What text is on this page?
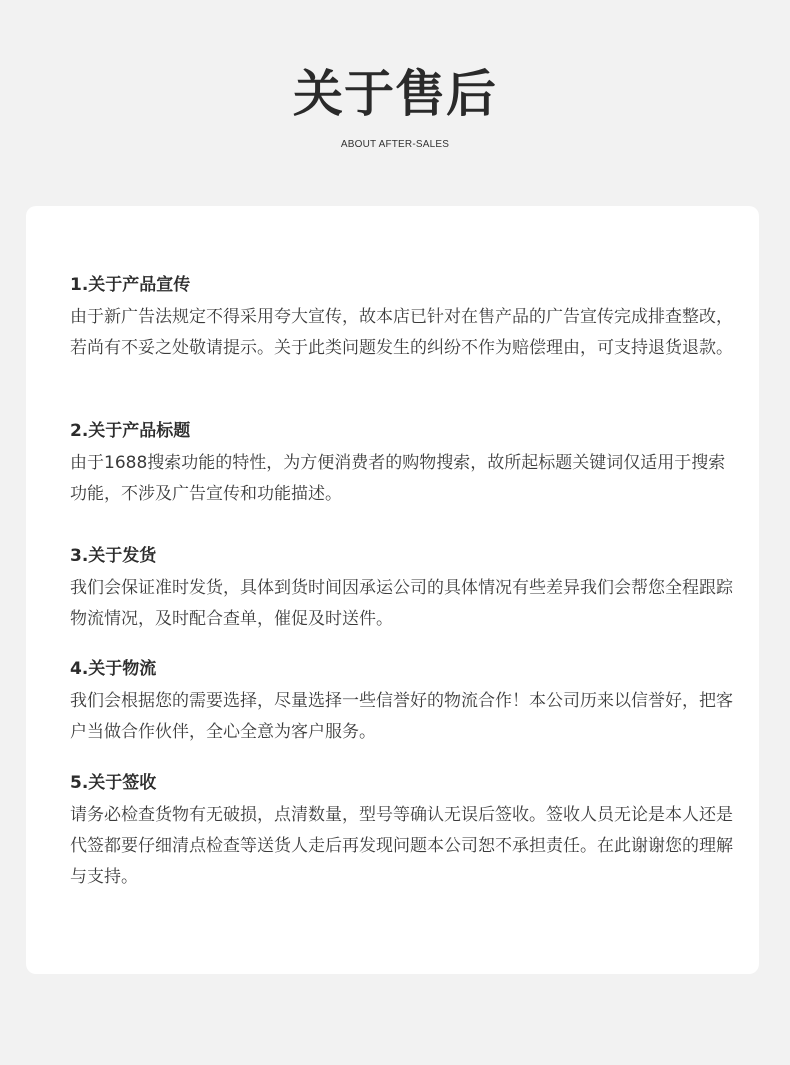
关于售后
ABOUT AFTER-SALES
1.关于产品宣传

由于新广告法规定不得采用夸大宣传，故本店已针对在售产品的广告宣传完成排查整改，若尚有不妥之处敬请提示。关于此类问题发生的纠纷不作为赔偿理由，可支持退货退款。

2.关于产品标题

由于1688搜索功能的特性，为方便消费者的购物搜索，故所起标题关键词仅适用于搜索功能，不涉及广告宣传和功能描述。

3.关于发货

我们会保证准时发货，具体到货时间因承运公司的具体情况有些差异我们会帮您全程跟踪物流情况，及时配合查单，催促及时送件。

4.关于物流

我们会根据您的需要选择，尽量选择一些信誉好的物流合作！本公司历来以信誉好，把客户当做合作伙伴，全心全意为客户服务。

5.关于签收

请务必检查货物有无破损，点清数量，型号等确认无误后签收。签收人员无论是本人还是代签都要仔细清点检查等送货人走后再发现问题本公司恕不承担责任。在此谢谢您的理解与支持。
